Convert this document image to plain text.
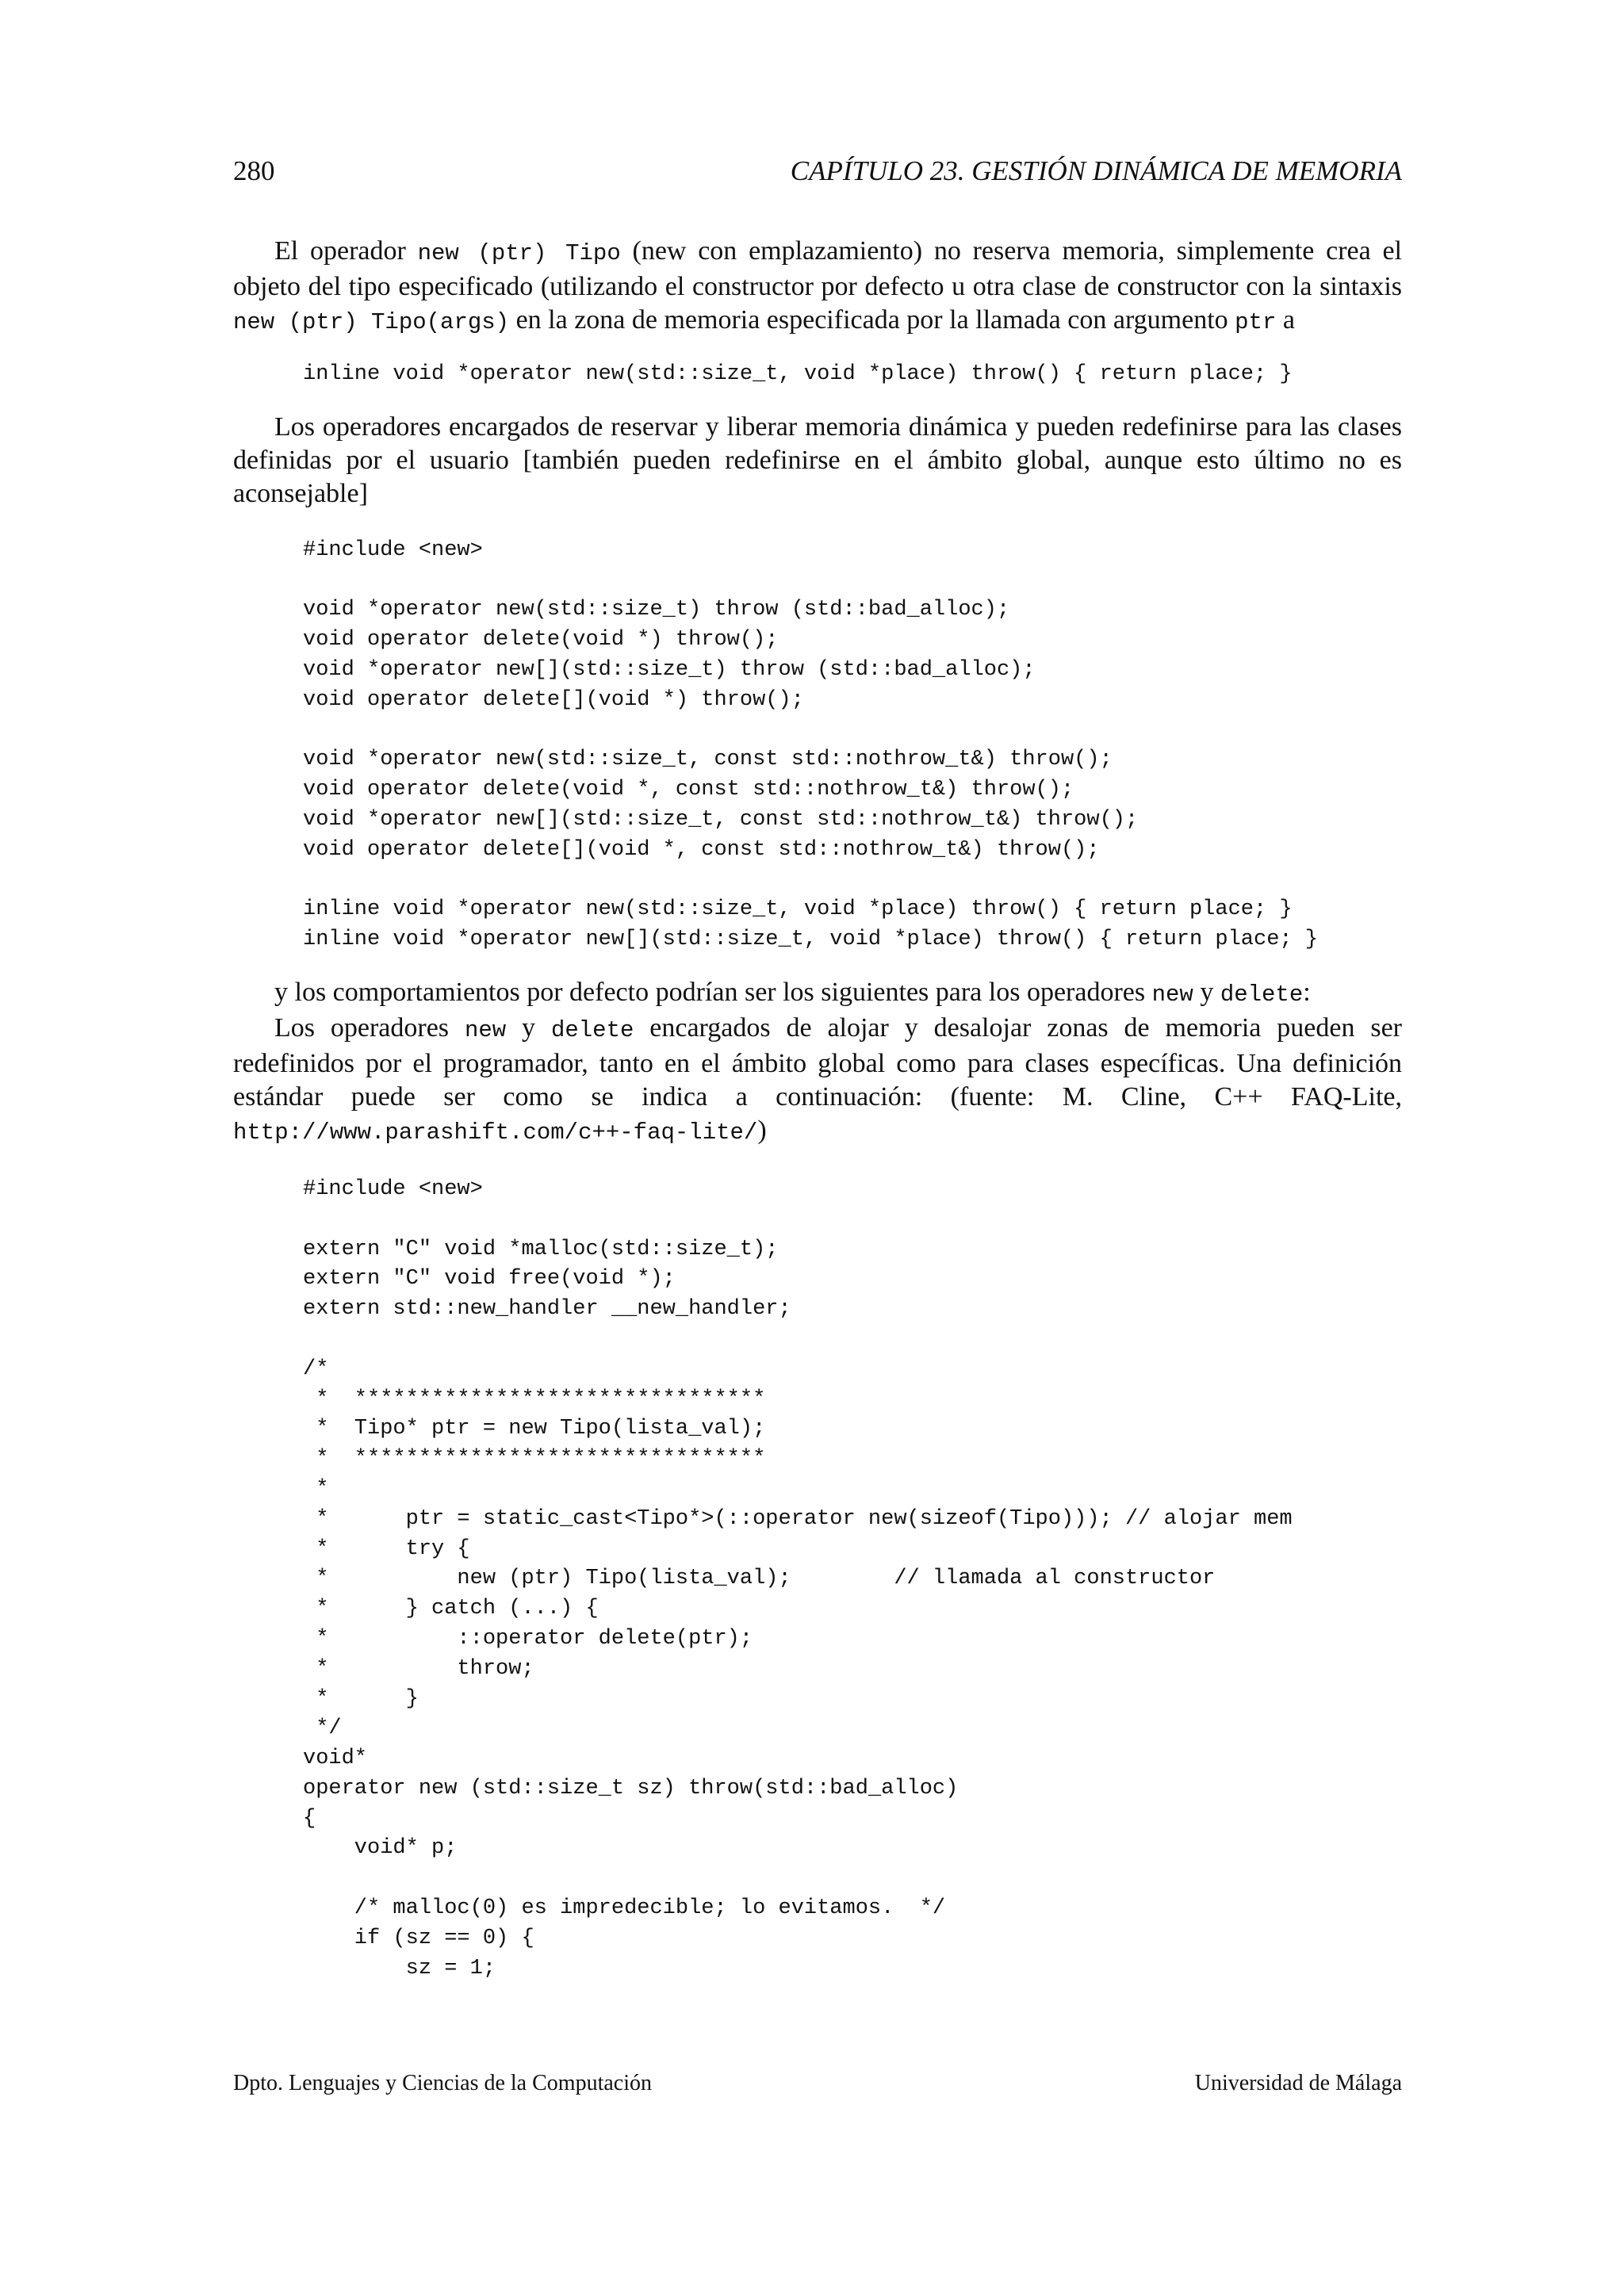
280	CAPÍTULO 23. GESTIÓN DINÁMICA DE MEMORIA

El operador new (ptr) Tipo (new con emplazamiento) no reserva memoria, simplemente crea el objeto del tipo especificado (utilizando el constructor por defecto u otra clase de constructor con la sintaxis new (ptr) Tipo(args) en la zona de memoria especificada por la llamada con argumento ptr a

inline void *operator new(std::size_t, void *place) throw() { return place; }

Los operadores encargados de reservar y liberar memoria dinámica y pueden redefinirse para las clases definidas por el usuario [también pueden redefinirse en el ámbito global, aunque esto último no es aconsejable]

#include <new>

void *operator new(std::size_t) throw (std::bad_alloc);
void operator delete(void *) throw();
void *operator new[](std::size_t) throw (std::bad_alloc);
void operator delete[](void *) throw();

void *operator new(std::size_t, const std::nothrow_t&) throw();
void operator delete(void *, const std::nothrow_t&) throw();
void *operator new[](std::size_t, const std::nothrow_t&) throw();
void operator delete[](void *, const std::nothrow_t&) throw();

inline void *operator new(std::size_t, void *place) throw() { return place; }
inline void *operator new[](std::size_t, void *place) throw() { return place; }

y los comportamientos por defecto podrían ser los siguientes para los operadores new y delete:

Los operadores new y delete encargados de alojar y desalojar zonas de memoria pueden ser redefinidos por el programador, tanto en el ámbito global como para clases específicas. Una definición estándar puede ser como se indica a continuación: (fuente: M. Cline, C++ FAQ-Lite, http://www.parashift.com/c++-faq-lite/)

#include <new>

extern "C" void *malloc(std::size_t);
extern "C" void free(void *);
extern std::new_handler __new_handler;

/*
*  ********************************
*  Tipo* ptr = new Tipo(lista_val);
*  ********************************
*
*      ptr = static_cast<Tipo*>(::operator new(sizeof(Tipo))); // alojar mem
*      try {
*          new (ptr) Tipo(lista_val);        // llamada al constructor
*      } catch (...) {
*          ::operator delete(ptr);
*          throw;
*      }
*/
void*
operator new (std::size_t sz) throw(std::bad_alloc)
{
void* p;

/* malloc(0) es impredecible; lo evitamos.  */
if (sz == 0) {
sz = 1;
Dpto. Lenguajes y Ciencias de la Computación	Universidad de Málaga
